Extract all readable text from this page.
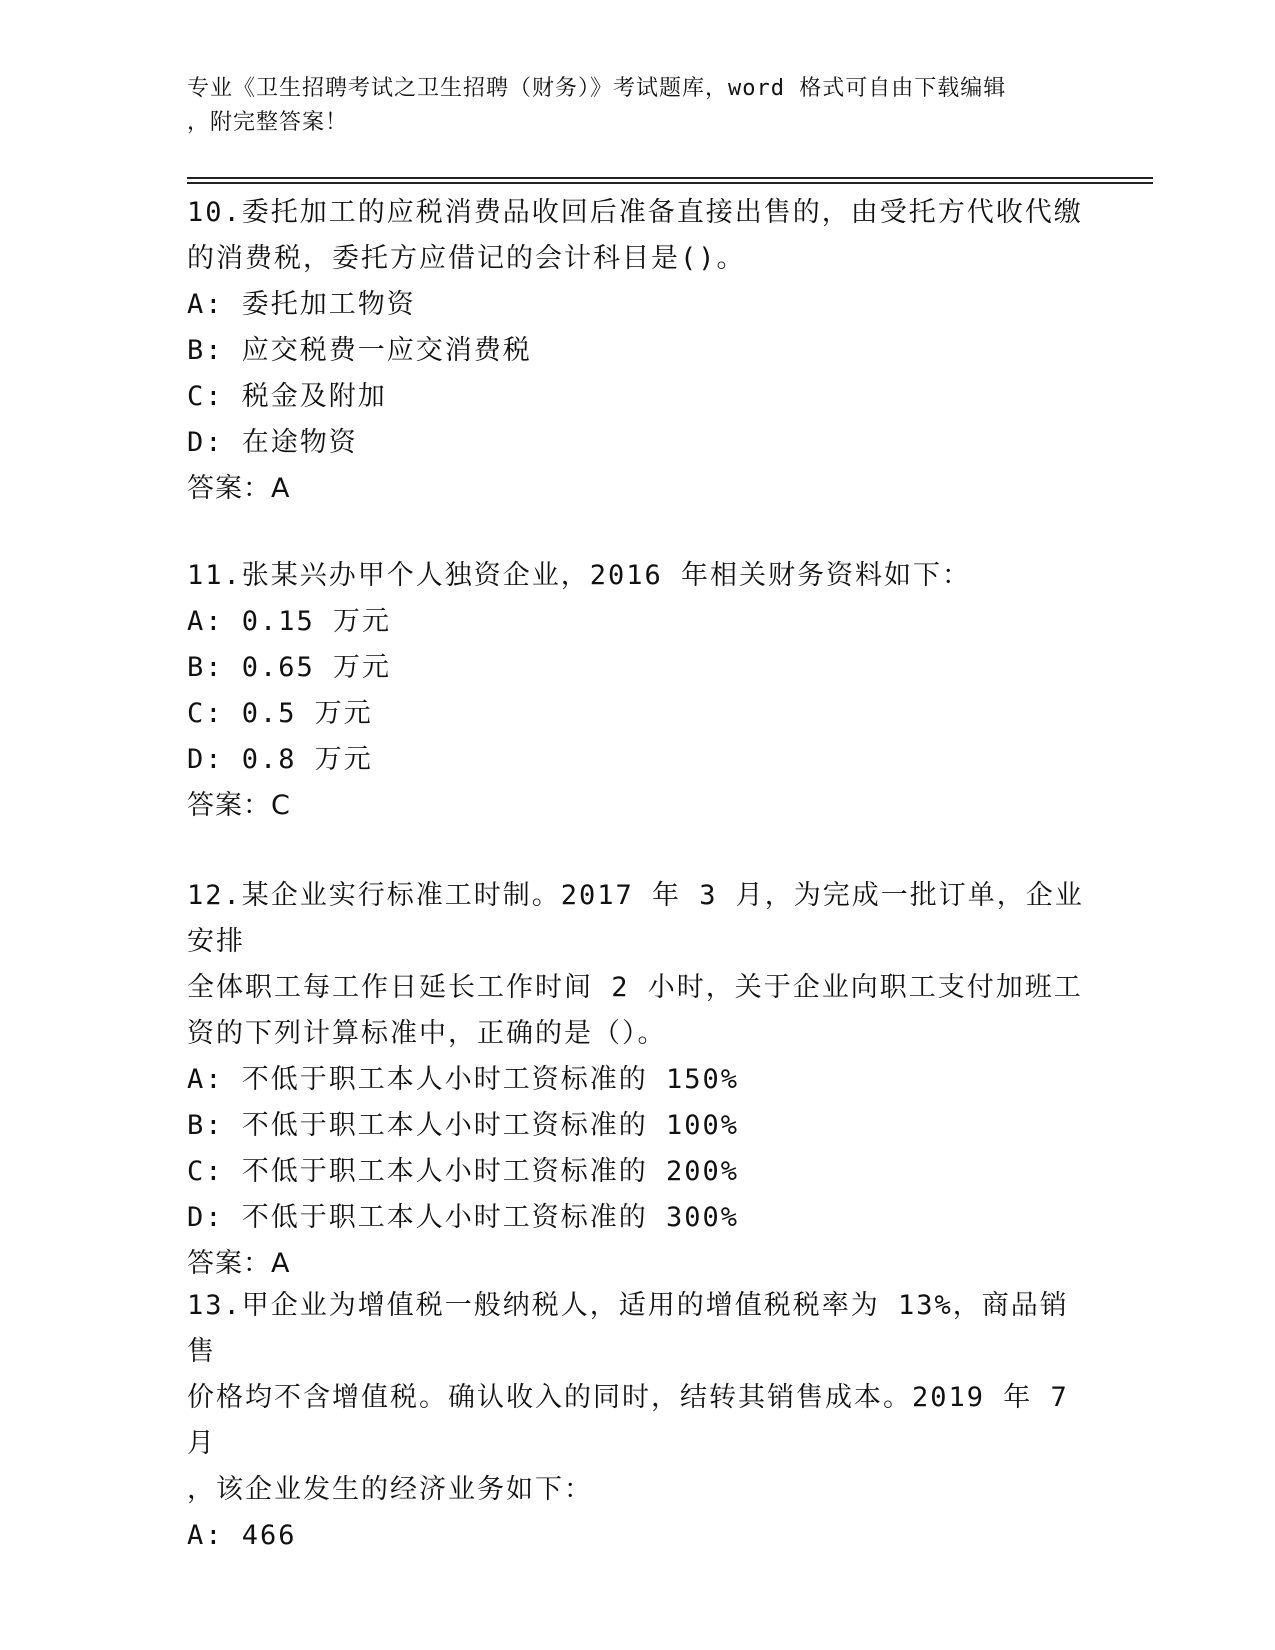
专业《卫生招聘考试之卫生招聘（财务）》考试题库，word 格式可自由下载编辑
，附完整答案！
10.委托加工的应税消费品收回后准备直接出售的，由受托方代收代缴
的消费税，委托方应借记的会计科目是()。
A: 委托加工物资
B: 应交税费一应交消费税
C: 税金及附加
D: 在途物资
答案：A
11.张某兴办甲个人独资企业，2016 年相关财务资料如下：
A: 0.15 万元
B: 0.65 万元
C: 0.5 万元
D: 0.8 万元
答案：C
12.某企业实行标准工时制。2017 年 3 月，为完成一批订单，企业安排
全体职工每工作日延长工作时间 2 小时，关于企业向职工支付加班工
资的下列计算标准中，正确的是（）。
A: 不低于职工本人小时工资标准的 150%
B: 不低于职工本人小时工资标准的 100%
C: 不低于职工本人小时工资标准的 200%
D: 不低于职工本人小时工资标准的 300%
答案：A
13.甲企业为增值税一般纳税人，适用的增值税税率为 13%，商品销售
价格均不含增值税。确认收入的同时，结转其销售成本。2019 年 7 月
，该企业发生的经济业务如下：
A: 466
